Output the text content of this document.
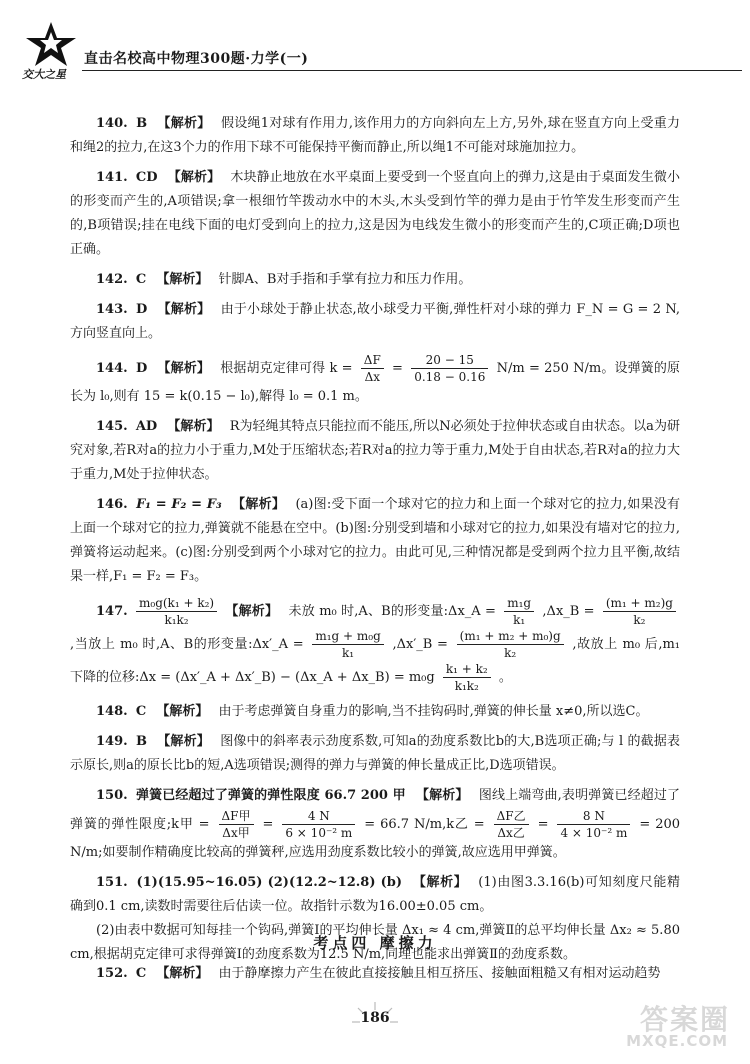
交大之星
直击名校高中物理300题·力学(一)

140. B 【解析】 假设绳1对球有作用力,该作用力的方向斜向左上方,另外,球在竖直方向上受重力和绳2的拉力,在这3个力的作用下球不可能保持平衡而静止,所以绳1不可能对球施加拉力。

141. CD 【解析】 木块静止地放在水平桌面上要受到一个竖直向上的弹力,这是由于桌面发生微小的形变而产生的,A项错误;拿一根细竹竿拨动水中的木头,木头受到竹竿的弹力是由于竹竿发生形变而产生的,B项错误;挂在电线下面的电灯受到向上的拉力,这是因为电线发生微小的形变而产生的,C项正确;D项也正确。

142. C 【解析】 针脚A、B对手指和手掌有拉力和压力作用。

143. D 【解析】 由于小球处于静止状态,故小球受力平衡,弹性杆对小球的弹力 F_N = G = 2 N,方向竖直向上。

144. D 【解析】 根据胡克定律可得 $k = \frac{\Delta F}{\Delta x} = \frac{20 - 15}{0.18 - 0.16} N/m = 250$ N/m。设弹簧的原长为 l₀,则有 15 = k(0.15 − l₀),解得 l₀ = 0.1 m。

145. AD 【解析】 R为轻绳其特点只能拉而不能压,所以N必须处于拉伸状态或自由状态。以a为研究对象,若R对a的拉力小于重力,M处于压缩状态;若R对a的拉力等于重力,M处于自由状态,若R对a的拉力大于重力,M处于拉伸状态。

146. F₁ = F₂ = F₃ 【解析】 (a)图:受下面一个球对它的拉力和上面一个球对它的拉力,如果没有上面一个球对它的拉力,弹簧就不能悬在空中。(b)图:分别受到墙和小球对它的拉力,如果没有墙对它的拉力,弹簧将运动起来。(c)图:分别受到两个小球对它的拉力。由此可见,三种情况都是受到两个拉力且平衡,故结果一样,F₁ = F₂ = F₃。

147. $\frac{\text{m₀g(k₁ + k₂)}}{\text{k₁k₂}}$ 【解析】 未放 m₀ 时,A、B的形变量:Δx_A = $\frac{\text{m₁g}}{\text{k₁}}$ ,Δx_B = $\frac{\text{(m₁ + m₂)g}}{\text{k₂}}$
,当放上 m₀ 时,A、B的形变量:Δx′_A = $\frac{\text{m₁g + m₀g}}{\text{k₁}}$ ,Δx′_B = $\frac{\text{(m₁ + m₂ + m₀)g}}{\text{k₂}}$ ,故放上 m₀ 后,m₁ 下降的位移:Δx = (Δx′_A + Δx′_B) − (Δx_A + Δx_B) = $m_0g \frac{\text{k₁ + k₂}}{\text{k₁k₂}}$ 。

148. C 【解析】 由于考虑弹簧自身重力的影响,当不挂钩码时,弹簧的伸长量 x≠0,所以选C。

149. B 【解析】 图像中的斜率表示劲度系数,可知a的劲度系数比b的大,B选项正确;与 l 的截据表示原长,则a的原长比b的短,A选项错误;测得的弹力与弹簧的伸长量成正比,D选项错误。

150. 弹簧已经超过了弹簧的弹性限度 66.7 200 甲 【解析】 图线上端弯曲,表明弹簧已经超过了弹簧的弹性限度;k甲 = $\frac{\text{ΔF甲}}{\text{Δx甲}} = \frac{4 N}{\text{6 × 10⁻² m}} = 66.7$ N/m,k乙 = $\frac{\text{ΔF乙}}{\text{Δx乙}} = \frac{8 N}{\text{4 × 10⁻² m}} = 200$ N/m;如要制作精确度比较高的弹簧秤,应选用劲度系数比较小的弹簧,故应选用甲弹簧。

151. (1)(15.95~16.05) (2)(12.2~12.8) (b) 【解析】 (1)由图3.3.16(b)可知刻度尺能精确到0.1 cm,读数时需要往后估读一位。故指针示数为16.00±0.05 cm。
(2)由表中数据可知每挂一个钩码,弹簧Ⅰ的平均伸长量 Δx₁ ≈ 4 cm,弹簧Ⅱ的总平均伸长量 Δx₂ ≈ 5.80 cm,根据胡克定律可求得弹簧Ⅰ的劲度系数为12.5 N/m,同理也能求出弹簧Ⅱ的劲度系数。

考点四 摩擦力

152. C 【解析】 由于静摩擦力产生在彼此直接接触且相互挤压、接触面粗糙又有相对运动趋势

186	答案圈
MXQE.COM
